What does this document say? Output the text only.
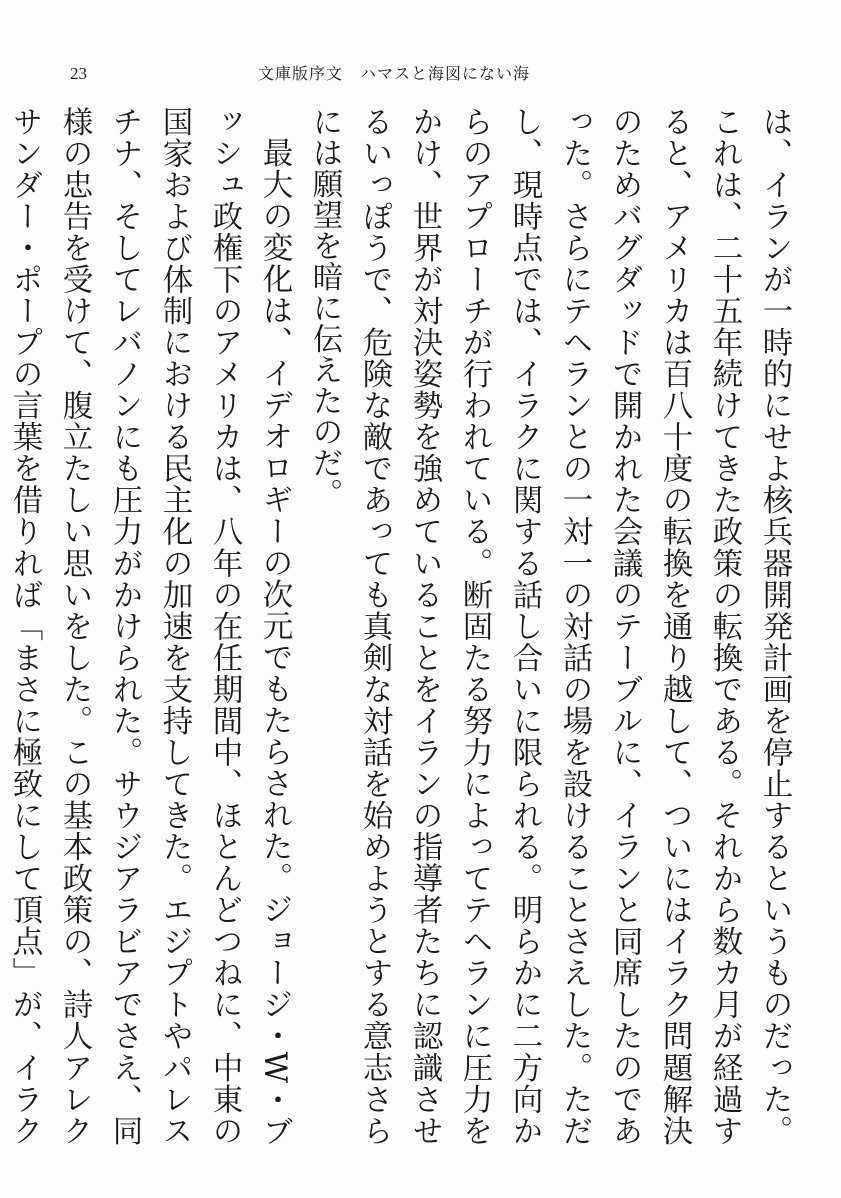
23	文庫版序文　ハマスと海図にない海

は、イランが一時的にせよ核兵器開発計画を停止するというものだった。これは、二十五年続けてきた政策の転換である。それから数カ月が経過すると、アメリカは百八十度の転換を通り越して、ついにはイラク問題解決のためバグダッドで開かれた会議のテーブルに、イランと同席したのであった。さらにテヘランとの一対一の対話の場を設けることさえした。ただし、現時点では、イラクに関する話し合いに限られる。明らかに二方向からのアプローチが行われている。断固たる努力によってテヘランに圧力をかけ、世界が対決姿勢を強めていることをイランの指導者たちに認識させるいっぽうで、危険な敵であっても真剣な対話を始めようとする意志さらには願望を暗に伝えたのだ。

最大の変化は、イデオロギーの次元でもたらされた。ジョージ・W・ブッシュ政権下のアメリカは、八年の在任期間中、ほとんどつねに、中東の国家および体制における民主化の加速を支持してきた。エジプトやパレスチナ、そしてレバノンにも圧力がかけられた。サウジアラビアでさえ、同様の忠告を受けて、腹立たしい思いをした。この基本政策の、詩人アレクサンダー・ポープの言葉を借りれば「まさに極致にして頂点」が、イラク
